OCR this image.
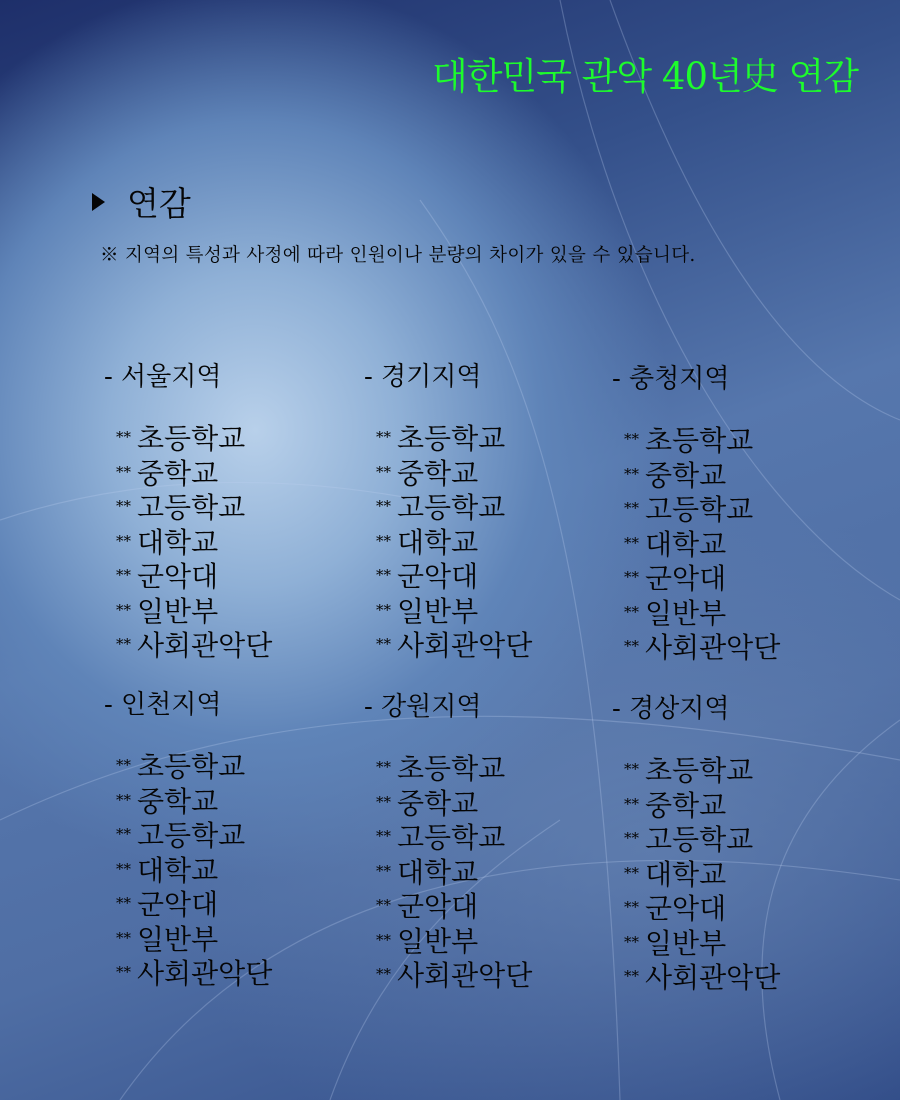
대한민국 관악 40년史 연감
연감
※ 지역의 특성과 사정에 따라 인원이나 분량의 차이가 있을 수 있습니다.
- 서울지역
** 초등학교
** 중학교
** 고등학교
** 대학교
** 군악대
** 일반부
** 사회관악단
- 경기지역
** 초등학교
** 중학교
** 고등학교
** 대학교
** 군악대
** 일반부
** 사회관악단
- 충청지역
** 초등학교
** 중학교
** 고등학교
** 대학교
** 군악대
** 일반부
** 사회관악단
- 인천지역
** 초등학교
** 중학교
** 고등학교
** 대학교
** 군악대
** 일반부
** 사회관악단
- 강원지역
** 초등학교
** 중학교
** 고등학교
** 대학교
** 군악대
** 일반부
** 사회관악단
- 경상지역
** 초등학교
** 중학교
** 고등학교
** 대학교
** 군악대
** 일반부
** 사회관악단
